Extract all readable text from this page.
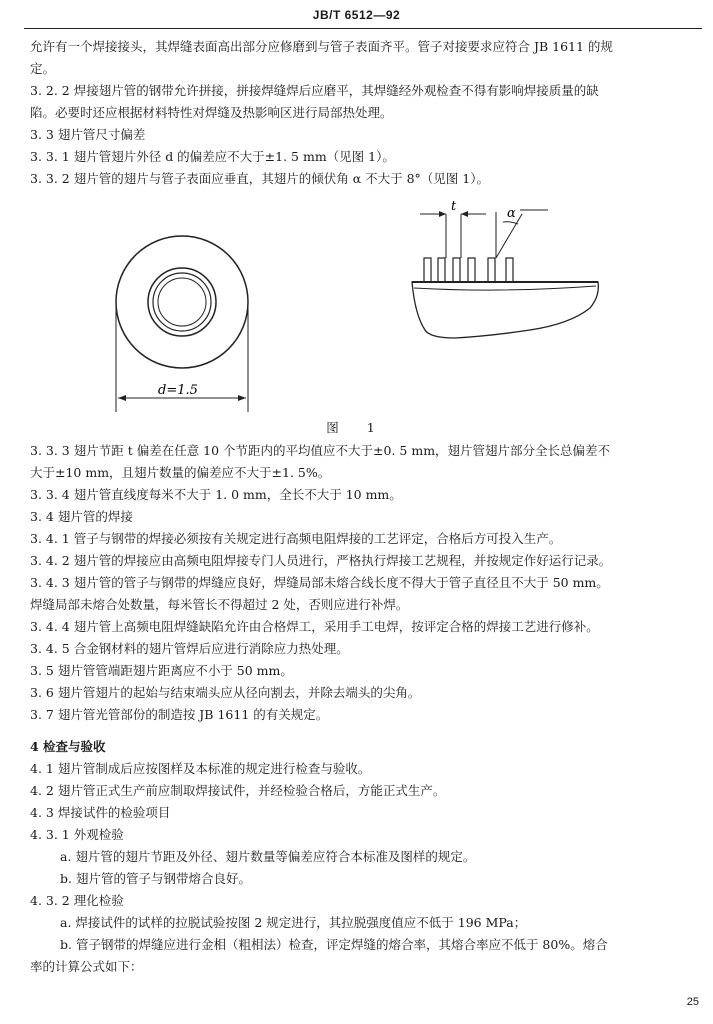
JB/T 6512—92
允许有一个焊接接头，其焊缝表面高出部分应修磨到与管子表面齐平。管子对接要求应符合 JB 1611 的规
定。
3. 2. 2 焊接翅片管的钢带允许拼接，拼接焊缝焊后应磨平，其焊缝经外观检查不得有影响焊接质量的缺
陷。必要时还应根据材料特性对焊缝及热影响区进行局部热处理。
3. 3 翅片管尺寸偏差
3. 3. 1 翅片管翅片外径 d 的偏差应不大于±1. 5 mm（见图 1）。
3. 3. 2 翅片管的翅片与管子表面应垂直，其翅片的倾伏角 α 不大于 8°（见图 1）。
d=1.5
t	α
图 1
3. 3. 3 翅片节距 t 偏差在任意 10 个节距内的平均值应不大于±0. 5 mm，翅片管翅片部分全长总偏差不
大于±10 mm，且翅片数量的偏差应不大于±1. 5%。
3. 3. 4 翅片管直线度每米不大于 1. 0 mm，全长不大于 10 mm。
3. 4 翅片管的焊接
3. 4. 1 管子与钢带的焊接必须按有关规定进行高频电阻焊接的工艺评定，合格后方可投入生产。
3. 4. 2 翅片管的焊接应由高频电阻焊接专门人员进行，严格执行焊接工艺规程，并按规定作好运行记录。
3. 4. 3 翅片管的管子与钢带的焊缝应良好，焊缝局部未熔合线长度不得大于管子直径且不大于 50 mm。
焊缝局部未熔合处数量，每米管长不得超过 2 处，否则应进行补焊。
3. 4. 4 翅片管上高频电阻焊缝缺陷允许由合格焊工，采用手工电焊，按评定合格的焊接工艺进行修补。
3. 4. 5 合金钢材料的翅片管焊后应进行消除应力热处理。
3. 5 翅片管管端距翅片距离应不小于 50 mm。
3. 6 翅片管翅片的起始与结束端头应从径向割去，并除去端头的尖角。
3. 7 翅片管光管部份的制造按 JB 1611 的有关规定。
4 检查与验收
4. 1 翅片管制成后应按图样及本标准的规定进行检查与验收。
4. 2 翅片管正式生产前应制取焊接试件，并经检验合格后，方能正式生产。
4. 3 焊接试件的检验项目
4. 3. 1 外观检验
a. 翅片管的翅片节距及外径、翅片数量等偏差应符合本标准及图样的规定。
b. 翅片管的管子与钢带熔合良好。
4. 3. 2 理化检验
a. 焊接试件的试样的拉脱试验按图 2 规定进行，其拉脱强度值应不低于 196 MPa；
b. 管子钢带的焊缝应进行金相（粗相法）检查，评定焊缝的熔合率，其熔合率应不低于 80%。熔合
率的计算公式如下：
25
